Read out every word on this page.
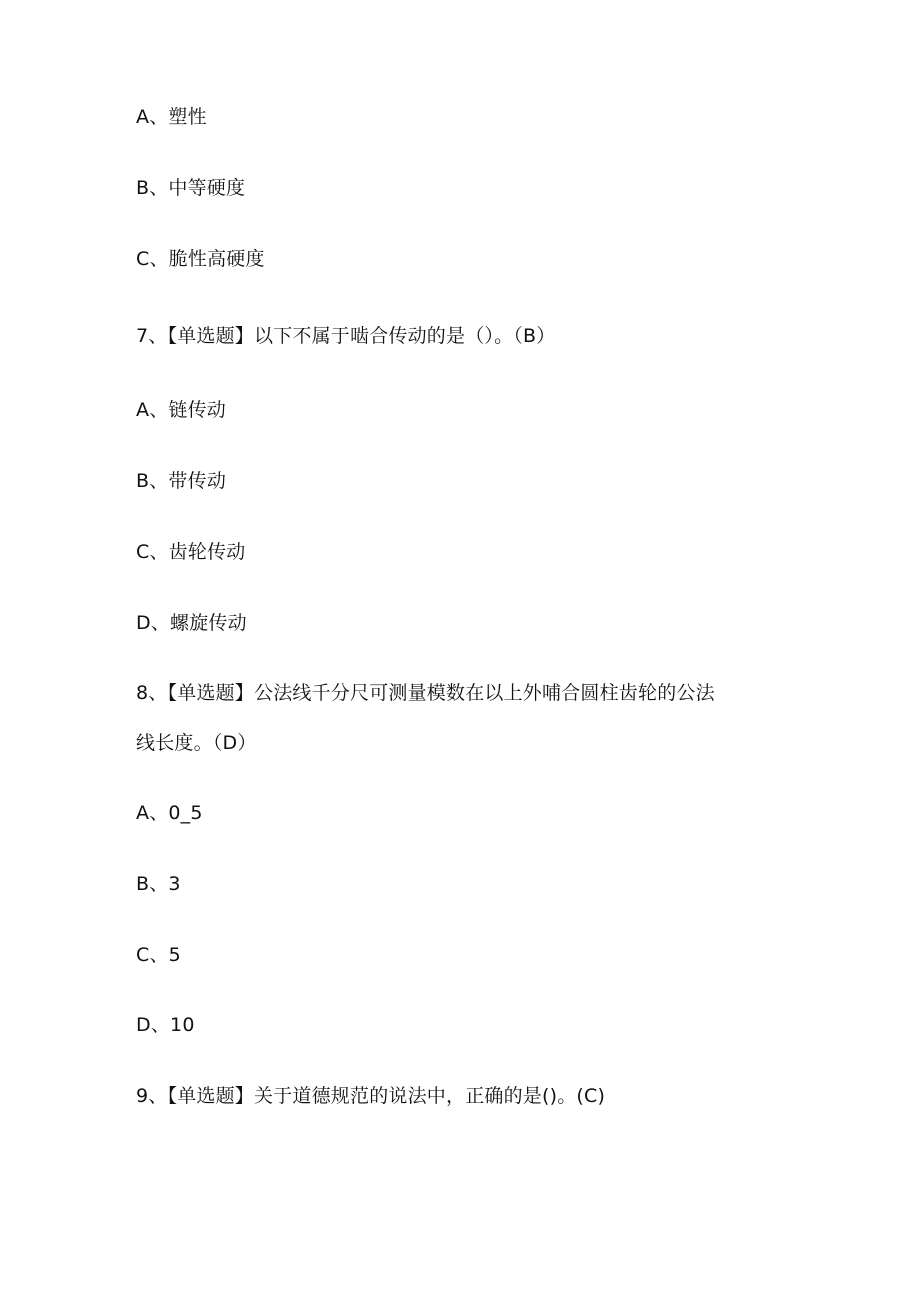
A、塑性
B、中等硬度
C、脆性高硬度
7、【单选题】以下不属于啮合传动的是（）。（B）
A、链传动
B、带传动
C、齿轮传动
D、螺旋传动
8、【单选题】公法线千分尺可测量模数在以上外哺合圆柱齿轮的公法
线长度。（D）
A、0_5
B、3
C、5
D、10
9、【单选题】关于道德规范的说法中，正确的是()。(C)
